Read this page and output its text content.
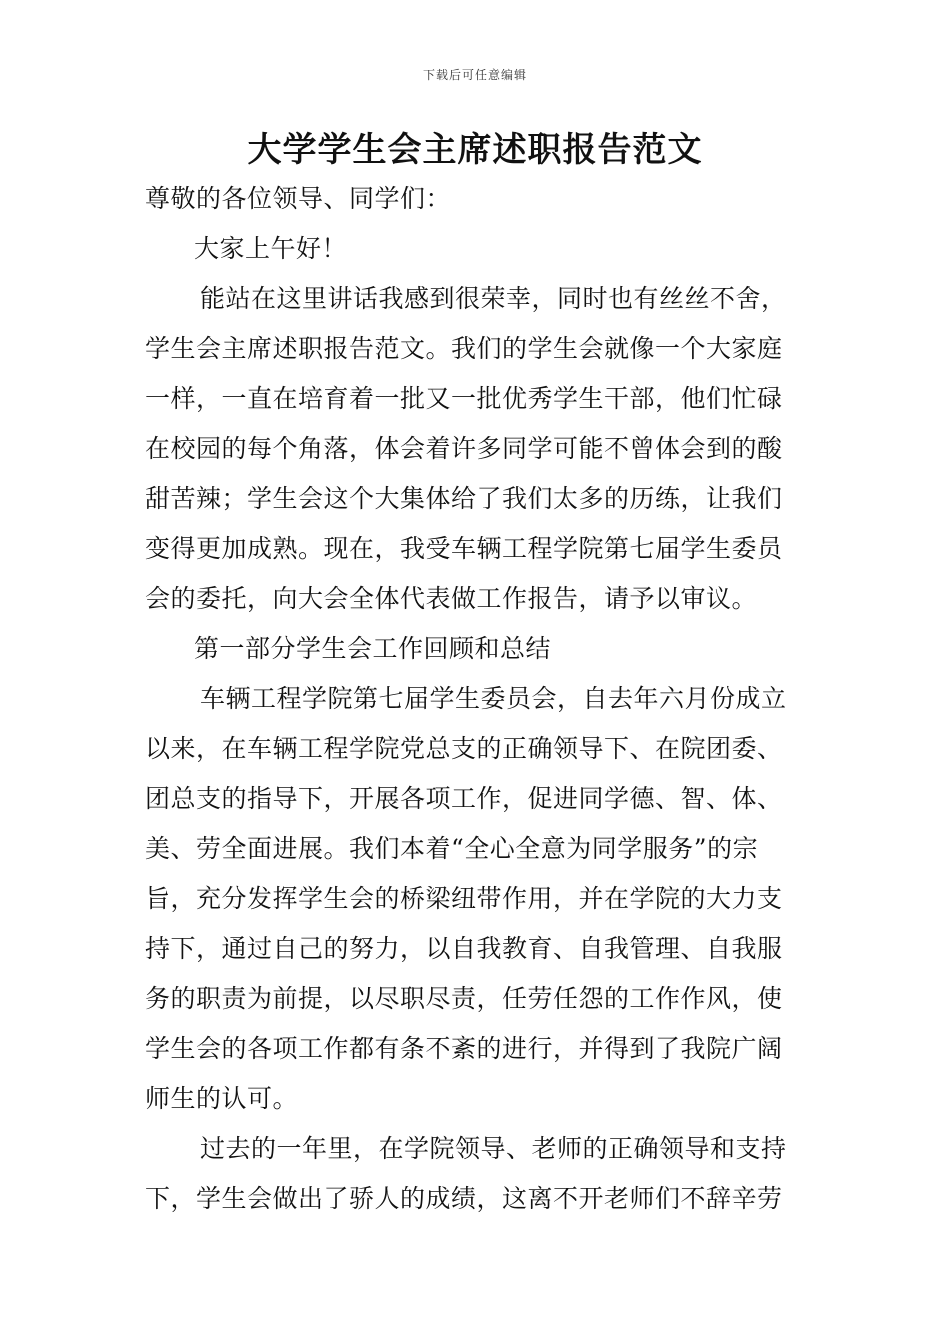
下载后可任意编辑
大学学生会主席述职报告范文
尊敬的各位领导、同学们：
大家上午好！
能站在这里讲话我感到很荣幸，同时也有丝丝不舍，
学生会主席述职报告范文。我们的学生会就像一个大家庭
一样，一直在培育着一批又一批优秀学生干部，他们忙碌
在校园的每个角落，体会着许多同学可能不曾体会到的酸
甜苦辣；学生会这个大集体给了我们太多的历练，让我们
变得更加成熟。现在，我受车辆工程学院第七届学生委员
会的委托，向大会全体代表做工作报告，请予以审议。
第一部分学生会工作回顾和总结
车辆工程学院第七届学生委员会，自去年六月份成立
以来，在车辆工程学院党总支的正确领导下、在院团委、
团总支的指导下，开展各项工作，促进同学德、智、体、
美、劳全面进展。我们本着“全心全意为同学服务”的宗
旨，充分发挥学生会的桥梁纽带作用，并在学院的大力支
持下，通过自己的努力，以自我教育、自我管理、自我服
务的职责为前提，以尽职尽责，任劳任怨的工作作风，使
学生会的各项工作都有条不紊的进行，并得到了我院广阔
师生的认可。
过去的一年里，在学院领导、老师的正确领导和支持
下，学生会做出了骄人的成绩，这离不开老师们不辞辛劳
